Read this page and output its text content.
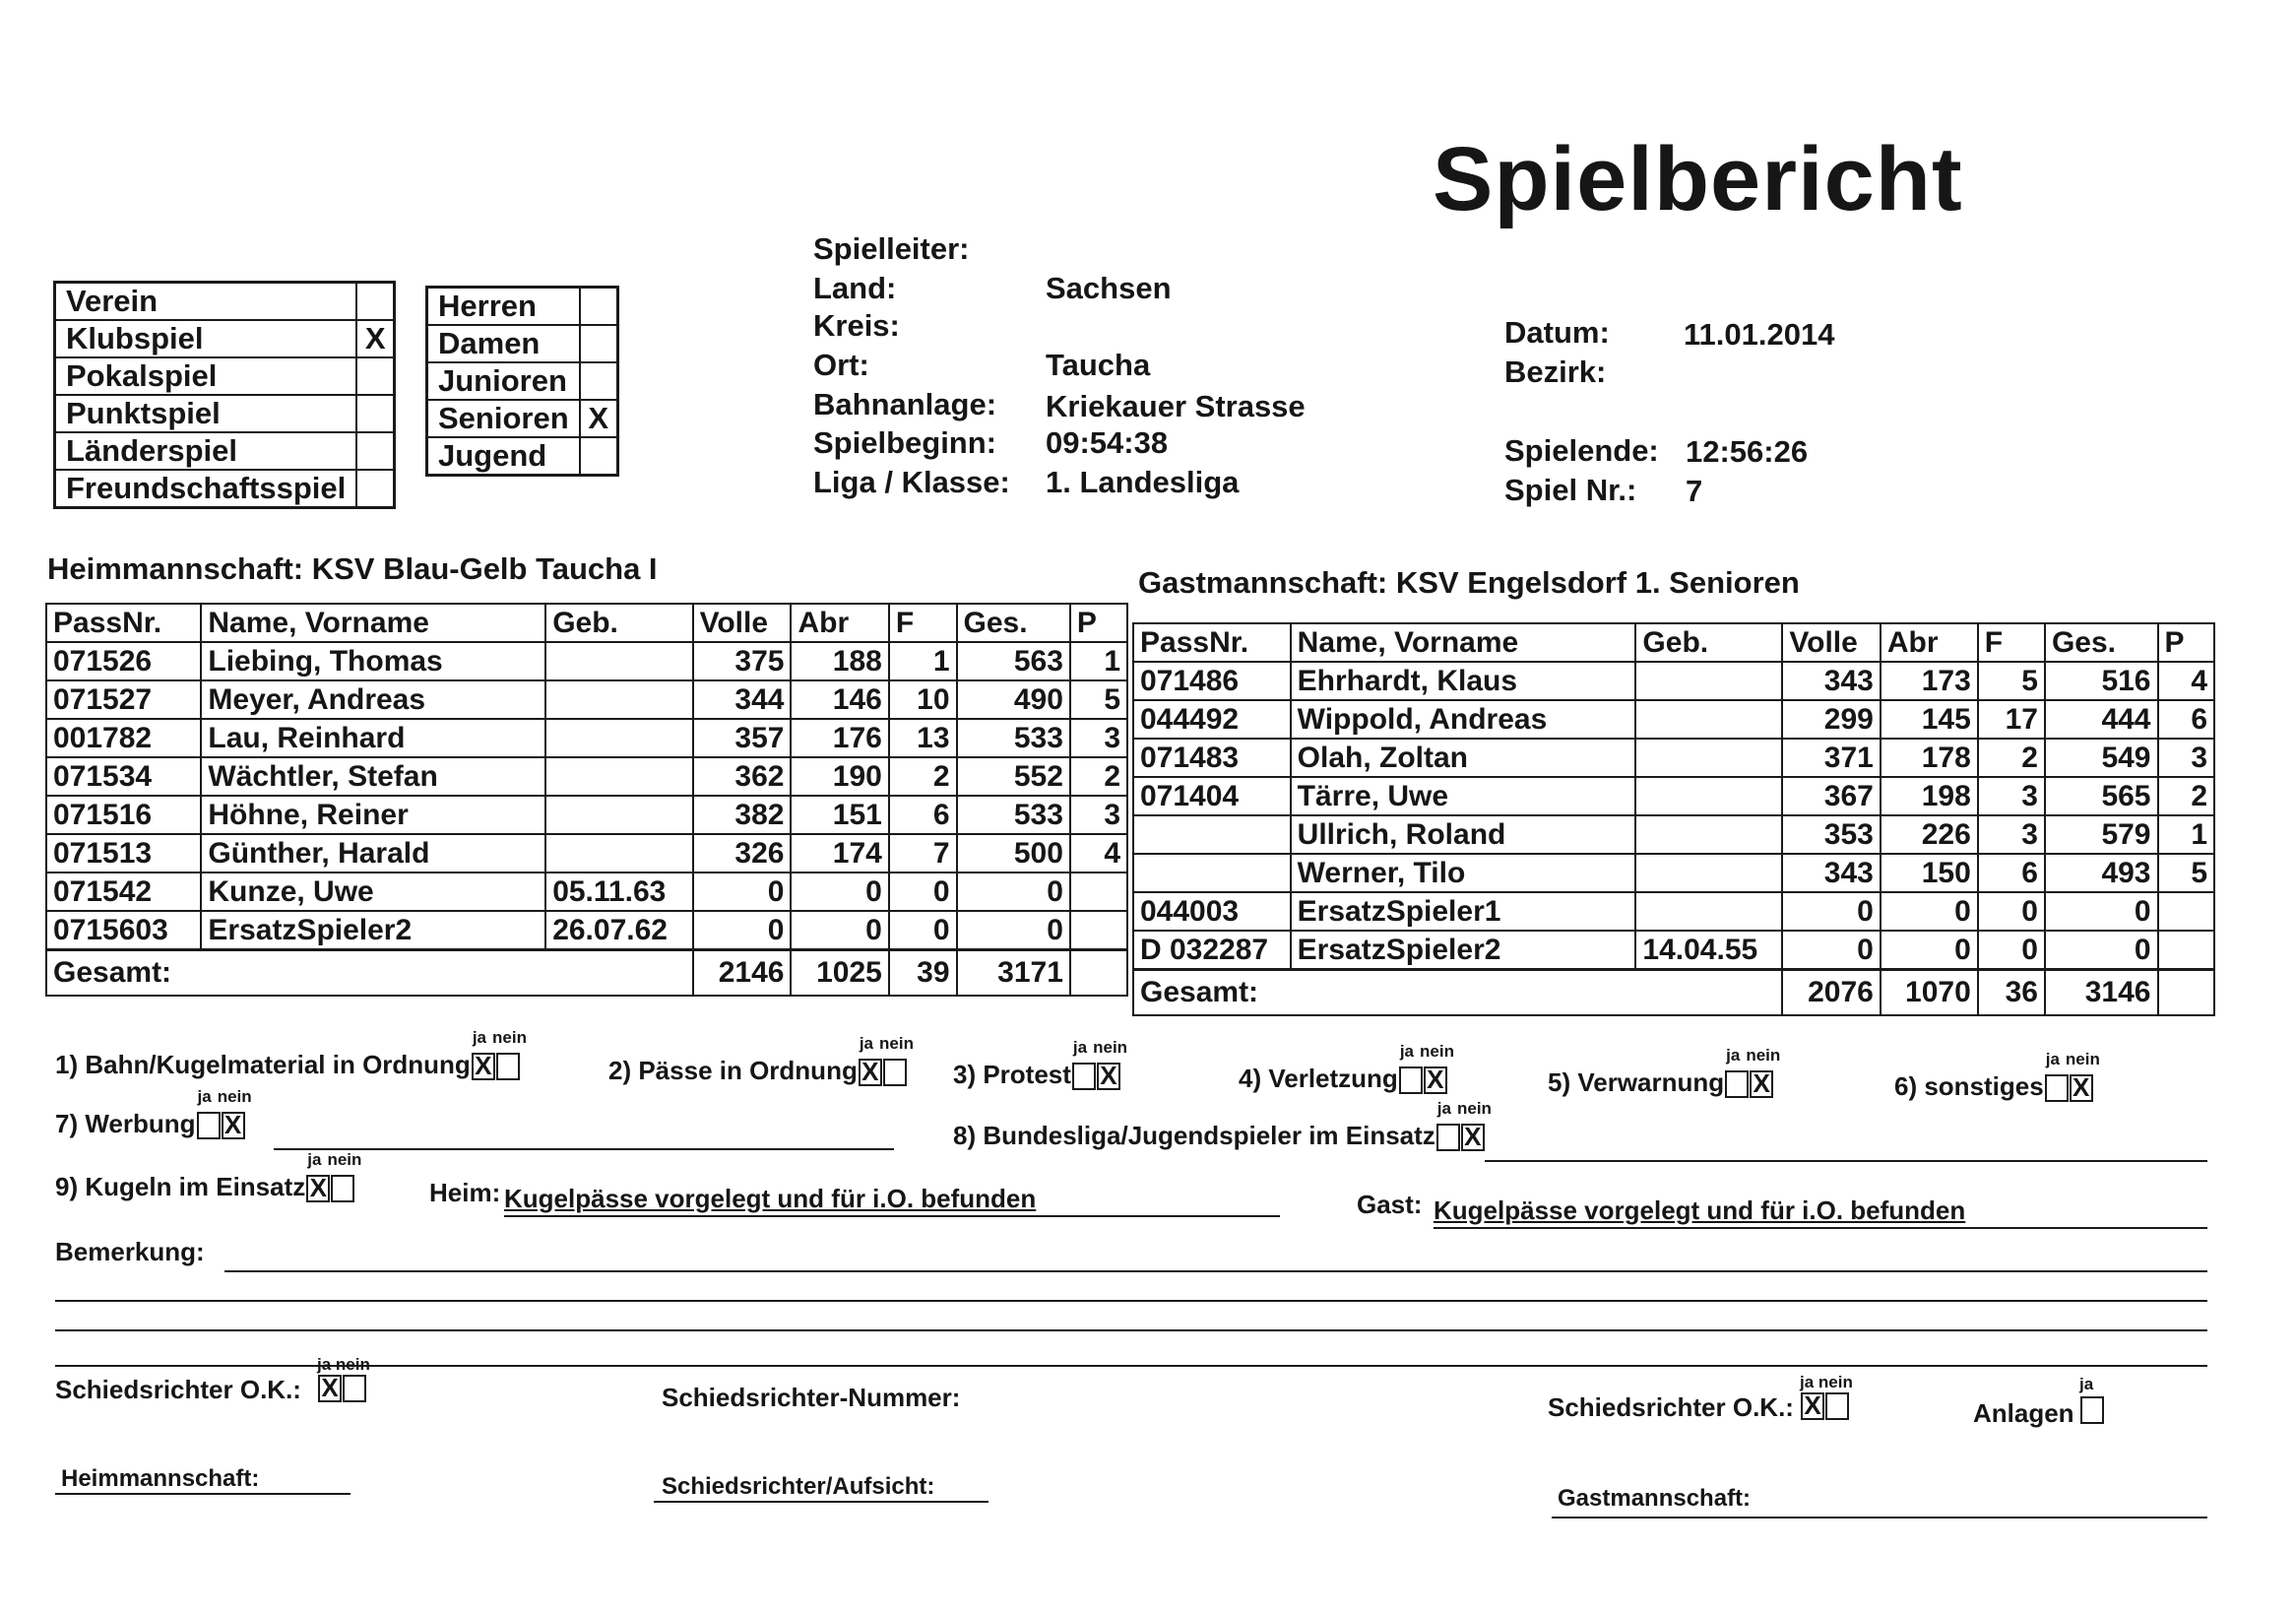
Spielbericht
Verein	
Klubspiel	X
Pokalspiel	
Punktspiel	
Länderspiel	
Freundschaftsspiel	
Herren	
Damen	
Junioren	
Senioren	X
Jugend	
Spielleiter:
Land:	Sachsen
Kreis:
Ort:	Taucha
Bahnanlage: Kriekauer Strasse
Spielbeginn: 09:54:38
Liga / Klasse: 1. Landesliga
Datum: 11.01.2014
Bezirk:
Spielende: 12:56:26
Spiel Nr.: 7
Heimmannschaft: KSV Blau-Gelb Taucha I	Gastmannschaft: KSV Engelsdorf 1. Senioren
PassNr.	Name, Vorname	Geb.	Volle	Abr	F	Ges.	P
071526	Liebing, Thomas		375	188	1	563	1
071527	Meyer, Andreas		344	146	10	490	5
001782	Lau, Reinhard		357	176	13	533	3
071534	Wächtler, Stefan		362	190	2	552	2
071516	Höhne, Reiner		382	151	6	533	3
071513	Günther, Harald		326	174	7	500	4
071542	Kunze, Uwe	05.11.63	0	0	0	0	
0715603	ErsatzSpieler2	26.07.62	0	0	0	0	
Gesamt:			2146	1025	39	3171	
PassNr.	Name, Vorname	Geb.	Volle	Abr	F	Ges.	P
071486	Ehrhardt, Klaus		343	173	5	516	4
044492	Wippold, Andreas		299	145	17	444	6
071483	Olah, Zoltan		371	178	2	549	3
071404	Tärre, Uwe		367	198	3	565	2
	Ullrich, Roland		353	226	3	579	1
	Werner, Tilo		343	150	6	493	5
044003	ErsatzSpieler1		0	0	0	0	
D 032287	ErsatzSpieler2	14.04.55	0	0	0	0	
Gesamt:			2076	1070	36	3146	
1) Bahn/Kugelmaterial in Ordnung
ja nein
X	2) Pässe in Ordnung
ja nein
X	3) Protest
ja nein
X	4) Verletzung
ja nein
X	5) Verwarnung
ja nein
X	6) sonstiges
ja nein
X
7) Werbung
ja nein
X	8) Bundesliga/Jugendspieler im Einsatz
ja nein
X
9) Kugeln im Einsatz
ja nein
X	Heim: Kugelpässe vorgelegt und für i.O. befunden	Gast: Kugelpässe vorgelegt und für i.O. befunden
Bemerkung:
Schiedsrichter O.K.:
ja nein
X	Schiedsrichter-Nummer:	Schiedsrichter O.K.:
ja nein
X	Anlagen
ja
Heimmannschaft:	Schiedsrichter/Aufsicht:	Gastmannschaft:
